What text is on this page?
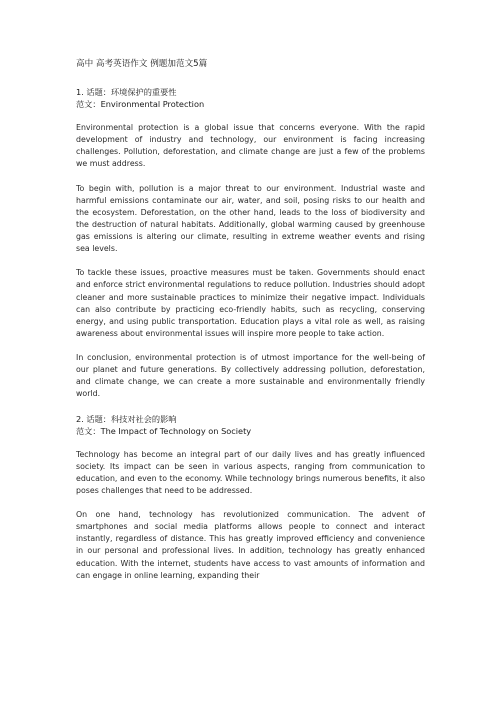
高中 高考英语作文 例题加范文5篇
1. 话题：环境保护的重要性
范文：Environmental Protection

Environmental protection is a global issue that concerns everyone. With the rapid development of industry and technology, our environment is facing increasing challenges. Pollution, deforestation, and climate change are just a few of the problems we must address.

To begin with, pollution is a major threat to our environment. Industrial waste and harmful emissions contaminate our air, water, and soil, posing risks to our health and the ecosystem. Deforestation, on the other hand, leads to the loss of biodiversity and the destruction of natural habitats. Additionally, global warming caused by greenhouse gas emissions is altering our climate, resulting in extreme weather events and rising sea levels.

To tackle these issues, proactive measures must be taken. Governments should enact and enforce strict environmental regulations to reduce pollution. Industries should adopt cleaner and more sustainable practices to minimize their negative impact. Individuals can also contribute by practicing eco-friendly habits, such as recycling, conserving energy, and using public transportation. Education plays a vital role as well, as raising awareness about environmental issues will inspire more people to take action.

In conclusion, environmental protection is of utmost importance for the well-being of our planet and future generations. By collectively addressing pollution, deforestation, and climate change, we can create a more sustainable and environmentally friendly world.

2. 话题：科技对社会的影响
范文：The Impact of Technology on Society

Technology has become an integral part of our daily lives and has greatly influenced society. Its impact can be seen in various aspects, ranging from communication to education, and even to the economy. While technology brings numerous benefits, it also poses challenges that need to be addressed.

On one hand, technology has revolutionized communication. The advent of smartphones and social media platforms allows people to connect and interact instantly, regardless of distance. This has greatly improved efficiency and convenience in our personal and professional lives. In addition, technology has greatly enhanced education. With the internet, students have access to vast amounts of information and can engage in online learning, expanding their
